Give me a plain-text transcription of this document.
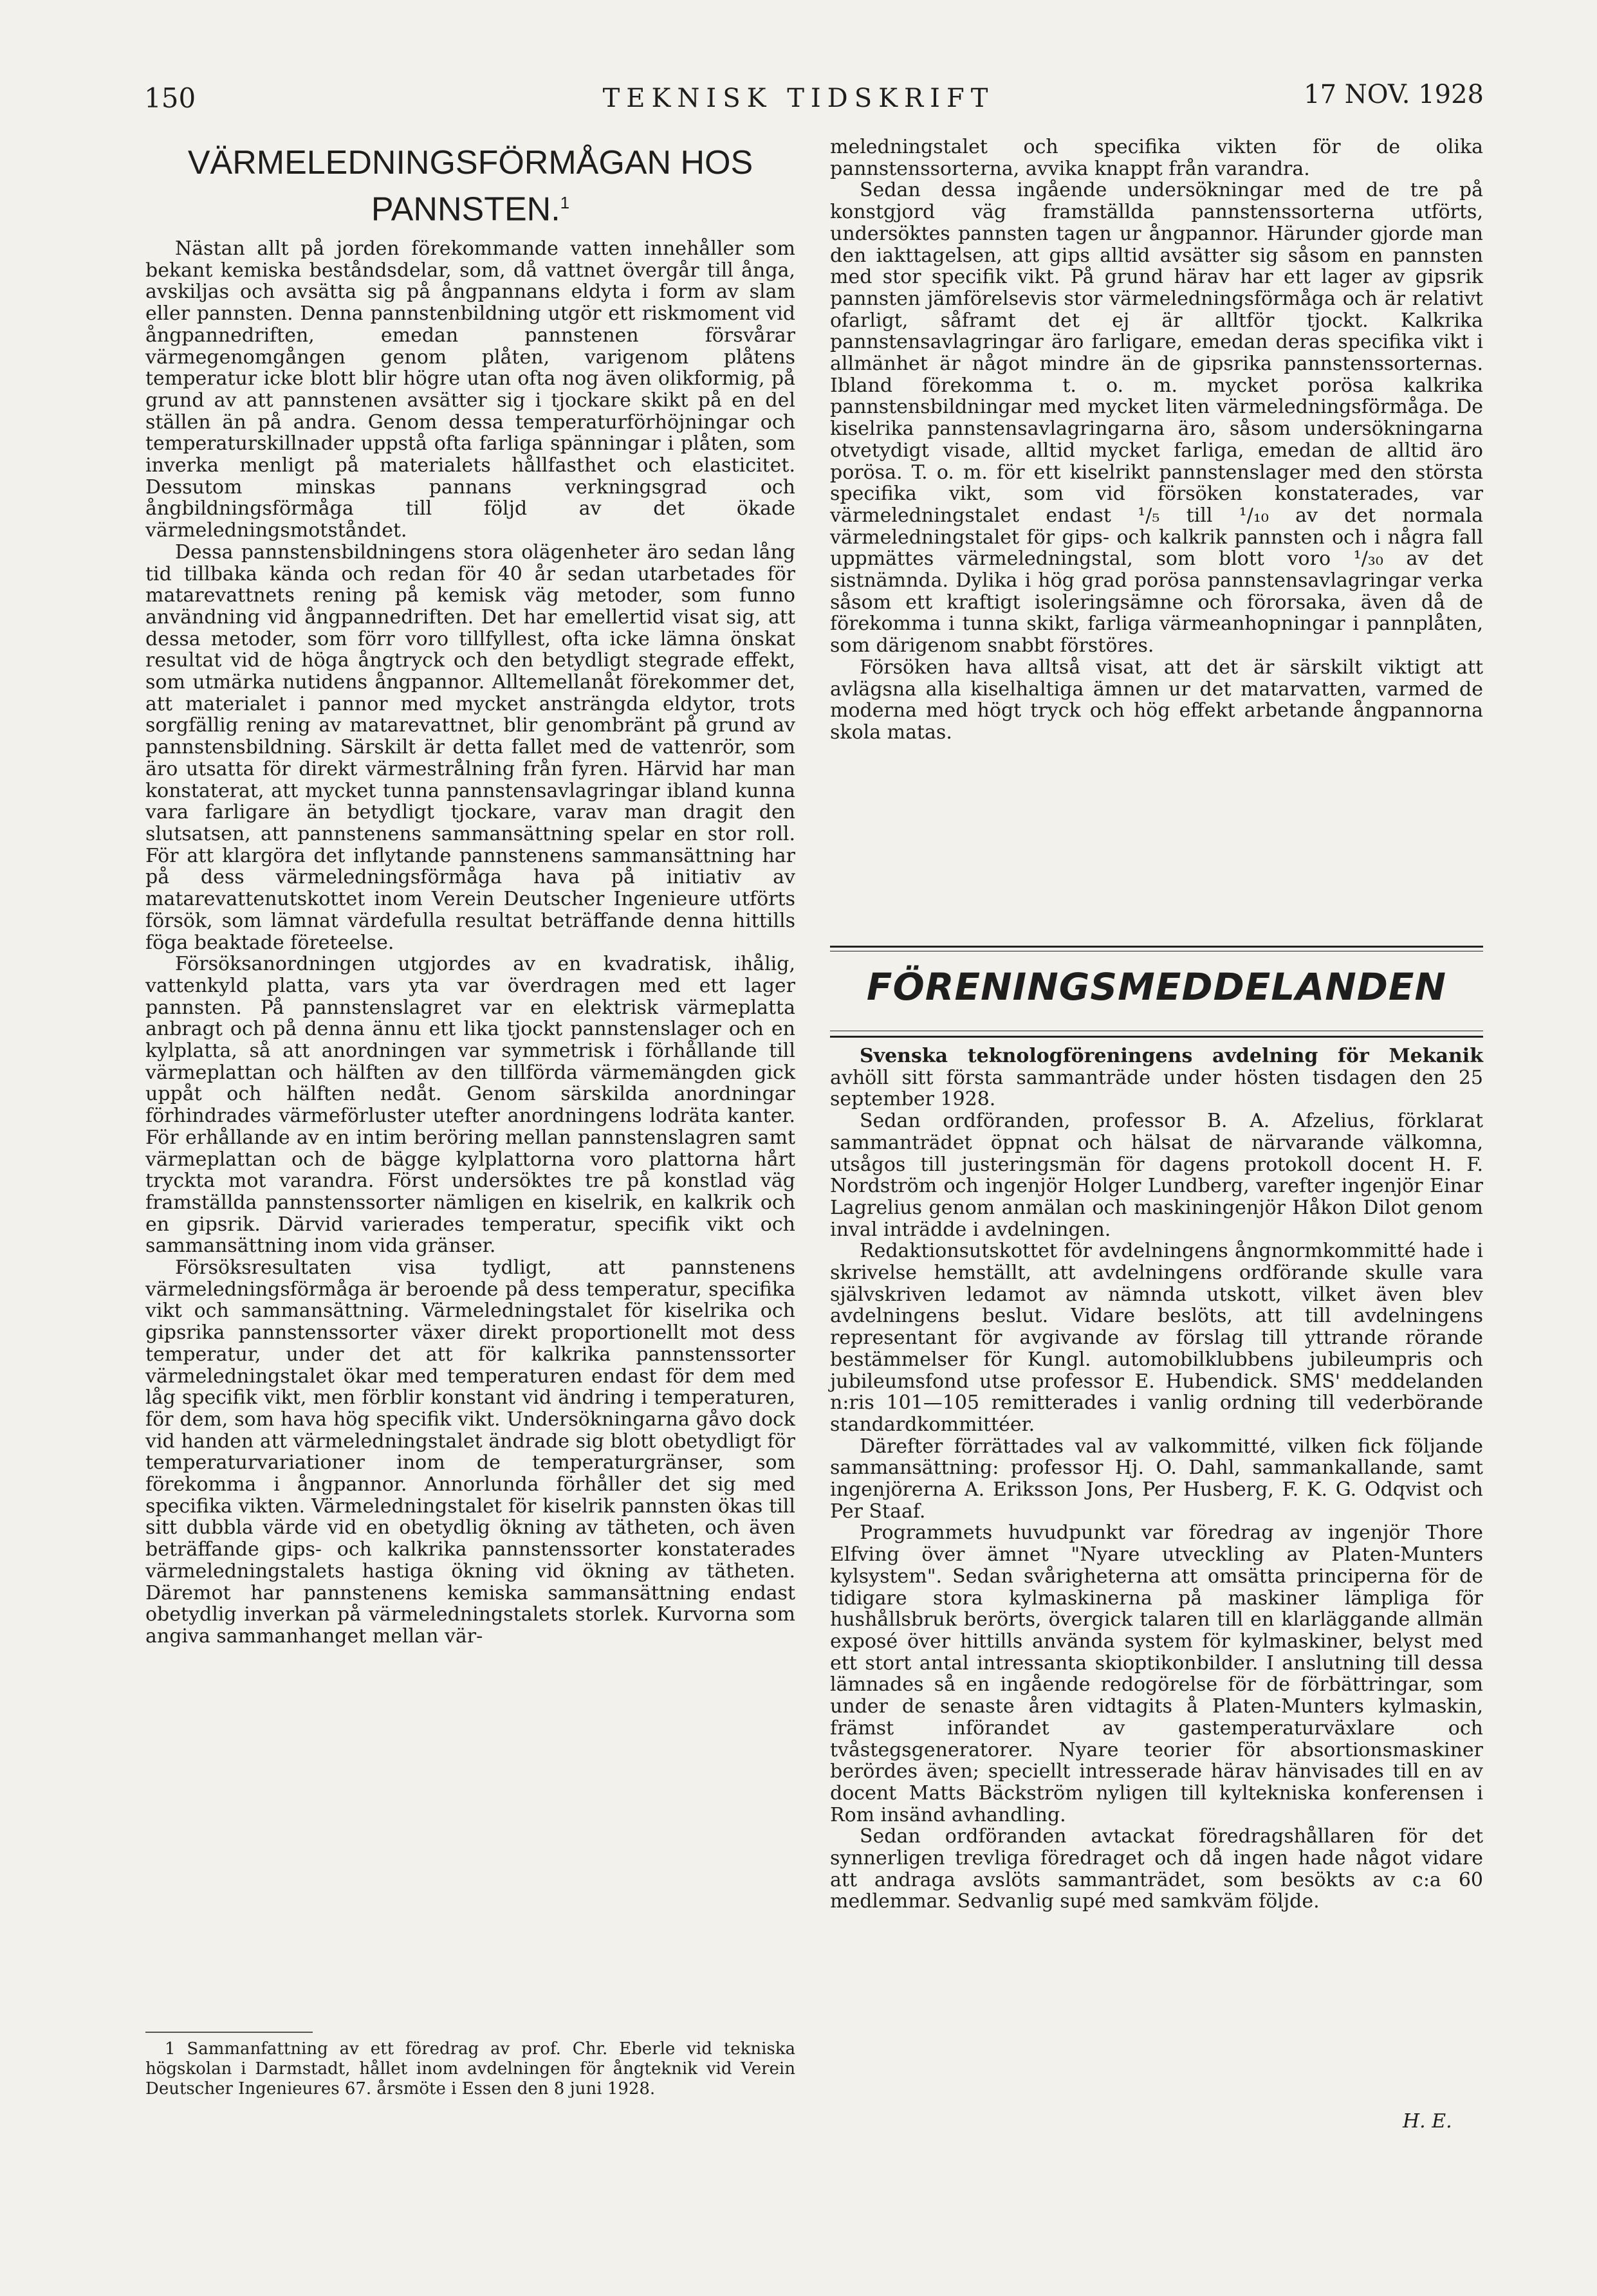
150	TEKNISK TIDSKRIFT	17 NOV. 1928
VÄRMELEDNINGSFÖRMÅGAN HOS
PANNSTEN.$^1$

Nästan allt på jorden förekommande vatten innehåller som bekant kemiska beståndsdelar, som, då vattnet övergår till ånga, avskiljas och avsätta sig på ångpannans eldyta i form av slam eller pannsten. Denna pannstenbildning utgör ett riskmoment vid ångpannedriften, emedan pannstenen försvårar värmegenomgången genom plåten, varigenom plåtens temperatur icke blott blir högre utan ofta nog även olikformig, på grund av att pannstenen avsätter sig i tjockare skikt på en del ställen än på andra. Genom dessa temperaturförhöjningar och temperaturskillnader uppstå ofta farliga spänningar i plåten, som inverka menligt på materialets hållfasthet och elasticitet. Dessutom minskas pannans verkningsgrad och ångbildningsförmåga till följd av det ökade värmeledningsmotståndet.

Dessa pannstensbildningens stora olägenheter äro sedan lång tid tillbaka kända och redan för 40 år sedan utarbetades för matarevattnets rening på kemisk väg metoder, som funno användning vid ångpannedriften. Det har emellertid visat sig, att dessa metoder, som förr voro tillfyllest, ofta icke lämna önskat resultat vid de höga ångtryck och den betydligt stegrade effekt, som utmärka nutidens ångpannor. Alltemellanåt förekommer det, att materialet i pannor med mycket ansträngda eldytor, trots sorgfällig rening av matarevattnet, blir genombränt på grund av pannstensbildning. Särskilt är detta fallet med de vattenrör, som äro utsatta för direkt värmestrålning från fyren. Härvid har man konstaterat, att mycket tunna pannstensavlagringar ibland kunna vara farligare än betydligt tjockare, varav man dragit den slutsatsen, att pannstenens sammansättning spelar en stor roll. För att klargöra det inflytande pannstenens sammansättning har på dess värmeledningsförmåga hava på initiativ av matarevattenutskottet inom Verein Deutscher Ingenieure utförts försök, som lämnat värdefulla resultat beträffande denna hittills föga beaktade företeelse.

Försöksanordningen utgjordes av en kvadratisk, ihålig, vattenkyld platta, vars yta var överdragen med ett lager pannsten. På pannstenslagret var en elektrisk värmeplatta anbragt och på denna ännu ett lika tjockt pannstenslager och en kylplatta, så att anordningen var symmetrisk i förhållande till värmeplattan och hälften av den tillförda värmemängden gick uppåt och hälften nedåt. Genom särskilda anordningar förhindrades värmeförluster utefter anordningens lodräta kanter. För erhållande av en intim beröring mellan pannstenslagren samt värmeplattan och de bägge kylplattorna voro plattorna hårt tryckta mot varandra. Först undersöktes tre på konstlad väg framställda pannstenssorter nämligen en kiselrik, en kalkrik och en gipsrik. Därvid varierades temperatur, specifik vikt och sammansättning inom vida gränser.

Försöksresultaten visa tydligt, att pannstenens värmeledningsförmåga är beroende på dess temperatur, specifika vikt och sammansättning. Värmeledningstalet för kiselrika och gipsrika pannstenssorter växer direkt proportionellt mot dess temperatur, under det att för kalkrika pannstenssorter värmeledningstalet ökar med temperaturen endast för dem med låg specifik vikt, men förblir konstant vid ändring i temperaturen, för dem, som hava hög specifik vikt. Undersökningarna gåvo dock vid handen att värmeledningstalet ändrade sig blott obetydligt för temperaturvariationer inom de temperaturgränser, som förekomma i ångpannor. Annorlunda förhåller det sig med specifika vikten. Värmeledningstalet för kiselrik pannsten ökas till sitt dubbla värde vid en obetydlig ökning av tätheten, och även beträffande gips- och kalkrika pannstenssorter konstaterades värmeledningstalets hastiga ökning vid ökning av tätheten. Däremot har pannstenens kemiska sammansättning endast obetydlig inverkan på värmeledningstalets storlek. Kurvorna som angiva sammanhanget mellan vär-

1 Sammanfattning av ett föredrag av prof. Chr. Eberle vid tekniska högskolan i Darmstadt, hållet inom avdelningen för ångteknik vid Verein Deutscher Ingenieures 67. årsmöte i Essen den 8 juni 1928.

meledningstalet och specifika vikten för de olika pannstenssorterna, avvika knappt från varandra.

Sedan dessa ingående undersökningar med de tre på konstgjord väg framställda pannstenssorterna utförts, undersöktes pannsten tagen ur ångpannor. Härunder gjorde man den iakttagelsen, att gips alltid avsätter sig såsom en pannsten med stor specifik vikt. På grund härav har ett lager av gipsrik pannsten jämförelsevis stor värmeledningsförmåga och är relativt ofarligt, såframt det ej är alltför tjockt. Kalkrika pannstensavlagringar äro farligare, emedan deras specifika vikt i allmänhet är något mindre än de gipsrika pannstenssorternas. Ibland förekomma t. o. m. mycket porösa kalkrika pannstensbildningar med mycket liten värmeledningsförmåga. De kiselrika pannstensavlagringarna äro, såsom undersökningarna otvetydigt visade, alltid mycket farliga, emedan de alltid äro porösa. T. o. m. för ett kiselrikt pannstenslager med den största specifika vikt, som vid försöken konstaterades, var värmeledningstalet endast ¹/₅ till ¹/₁₀ av det normala värmeledningstalet för gips- och kalkrik pannsten och i några fall uppmättes värmeledningstal, som blott voro ¹/₃₀ av det sistnämnda. Dylika i hög grad porösa pannstensavlagringar verka såsom ett kraftigt isoleringsämne och förorsaka, även då de förekomma i tunna skikt, farliga värmeanhopningar i pannplåten, som därigenom snabbt förstöres.

Försöken hava alltså visat, att det är särskilt viktigt att avlägsna alla kiselhaltiga ämnen ur det matarvatten, varmed de moderna med högt tryck och hög effekt arbetande ångpannorna skola matas.

FÖRENINGSMEDDELANDEN

Svenska teknologföreningens avdelning för Mekanik avhöll sitt första sammanträde under hösten tisdagen den 25 september 1928.

Sedan ordföranden, professor B. A. Afzelius, förklarat sammanträdet öppnat och hälsat de närvarande välkomna, utsågos till justeringsmän för dagens protokoll docent H. F. Nordström och ingenjör Holger Lundberg, varefter ingenjör Einar Lagrelius genom anmälan och maskiningenjör Håkon Dilot genom inval inträdde i avdelningen.

Redaktionsutskottet för avdelningens ångnormkommitté hade i skrivelse hemställt, att avdelningens ordförande skulle vara självskriven ledamot av nämnda utskott, vilket även blev avdelningens beslut. Vidare beslöts, att till avdelningens representant för avgivande av förslag till yttrande rörande bestämmelser för Kungl. automobilklubbens jubileumpris och jubileumsfond utse professor E. Hubendick. SMS' meddelanden n:ris 101—105 remitterades i vanlig ordning till vederbörande standardkommittéer.

Därefter förrättades val av valkommitté, vilken fick följande sammansättning: professor Hj. O. Dahl, sammankallande, samt ingenjörerna A. Eriksson Jons, Per Husberg, F. K. G. Odqvist och Per Staaf.

Programmets huvudpunkt var föredrag av ingenjör Thore Elfving över ämnet "Nyare utveckling av Platen-Munters kylsystem". Sedan svårigheterna att omsätta principerna för de tidigare stora kylmaskinerna på maskiner lämpliga för hushållsbruk berörts, övergick talaren till en klarläggande allmän exposé över hittills använda system för kylmaskiner, belyst med ett stort antal intressanta skioptikonbilder. I anslutning till dessa lämnades så en ingående redogörelse för de förbättringar, som under de senaste åren vidtagits å Platen-Munters kylmaskin, främst införandet av gastemperaturväxlare och tvåstegsgeneratorer. Nyare teorier för absortionsmaskiner berördes även; speciellt intresserade härav hänvisades till en av docent Matts Bäckström nyligen till kyltekniska konferensen i Rom insänd avhandling.

Sedan ordföranden avtackat föredragshållaren för det synnerligen trevliga föredraget och då ingen hade något vidare att andraga avslöts sammanträdet, som besökts av c:a 60 medlemmar. Sedvanlig supé med samkväm följde.

H. E.
